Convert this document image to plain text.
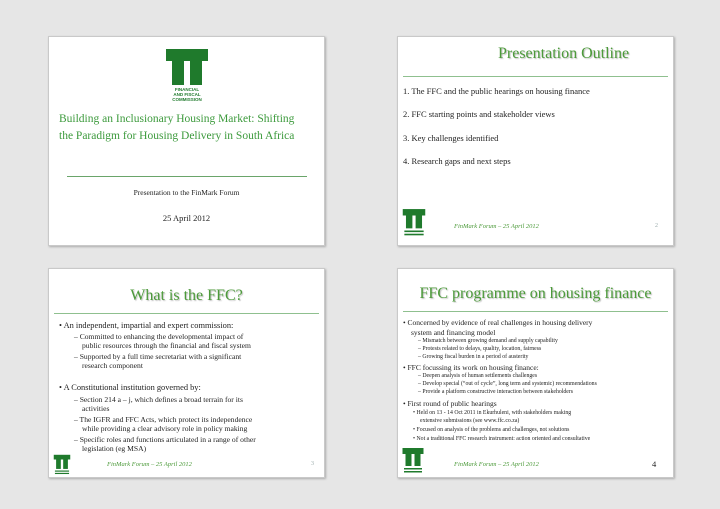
FINANCIAL
AND FISCAL
COMMISSION
Building an Inclusionary Housing Market: Shifting
the Paradigm for Housing Delivery in South Africa
Presentation to the FinMark Forum
25 April 2012
Presentation Outline
1. The FFC and the public hearings on housing finance
2. FFC starting points and stakeholder views
3. Key challenges identified
4. Research gaps and next steps
FinMark Forum – 25 April 2012	2
What is the FFC?
• An independent, impartial and expert commission:
– Committed to enhancing the developmental impact of
public resources through the financial and fiscal system
– Supported by a full time secretariat with a significant
research component
• A Constitutional institution governed by:
– Section 214 a – j, which defines a broad terrain for its
activities
– The IGFR and FFC Acts, which protect its independence
while providing a clear advisory role in policy making
– Specific roles and functions articulated in a range of other
legislation (eg MSA)
FinMark Forum – 25 April 2012	3
FFC programme on housing finance
• Concerned by evidence of real challenges in housing delivery
system and financing model
– Mismatch between growing demand and supply capability
– Protests related to delays, quality, location, fairness
– Growing fiscal burden in a period of austerity
• FFC focussing its work on housing finance:
– Deepen analysis of human settlements challenges
– Develop special (“out of cycle”, long term and systemic) recommendations
– Provide a platform constructive interaction between stakeholders
• First round of public hearings
• Held on 13 - 14 Oct 2011 in Ekurhuleni, with stakeholders making
extensive submissions (see www.ffc.co.za)
• Focused on analysis of the problems and challenges, not solutions
• Not a traditional FFC research instrument: action oriented and consultative
FinMark Forum – 25 April 2012	4
